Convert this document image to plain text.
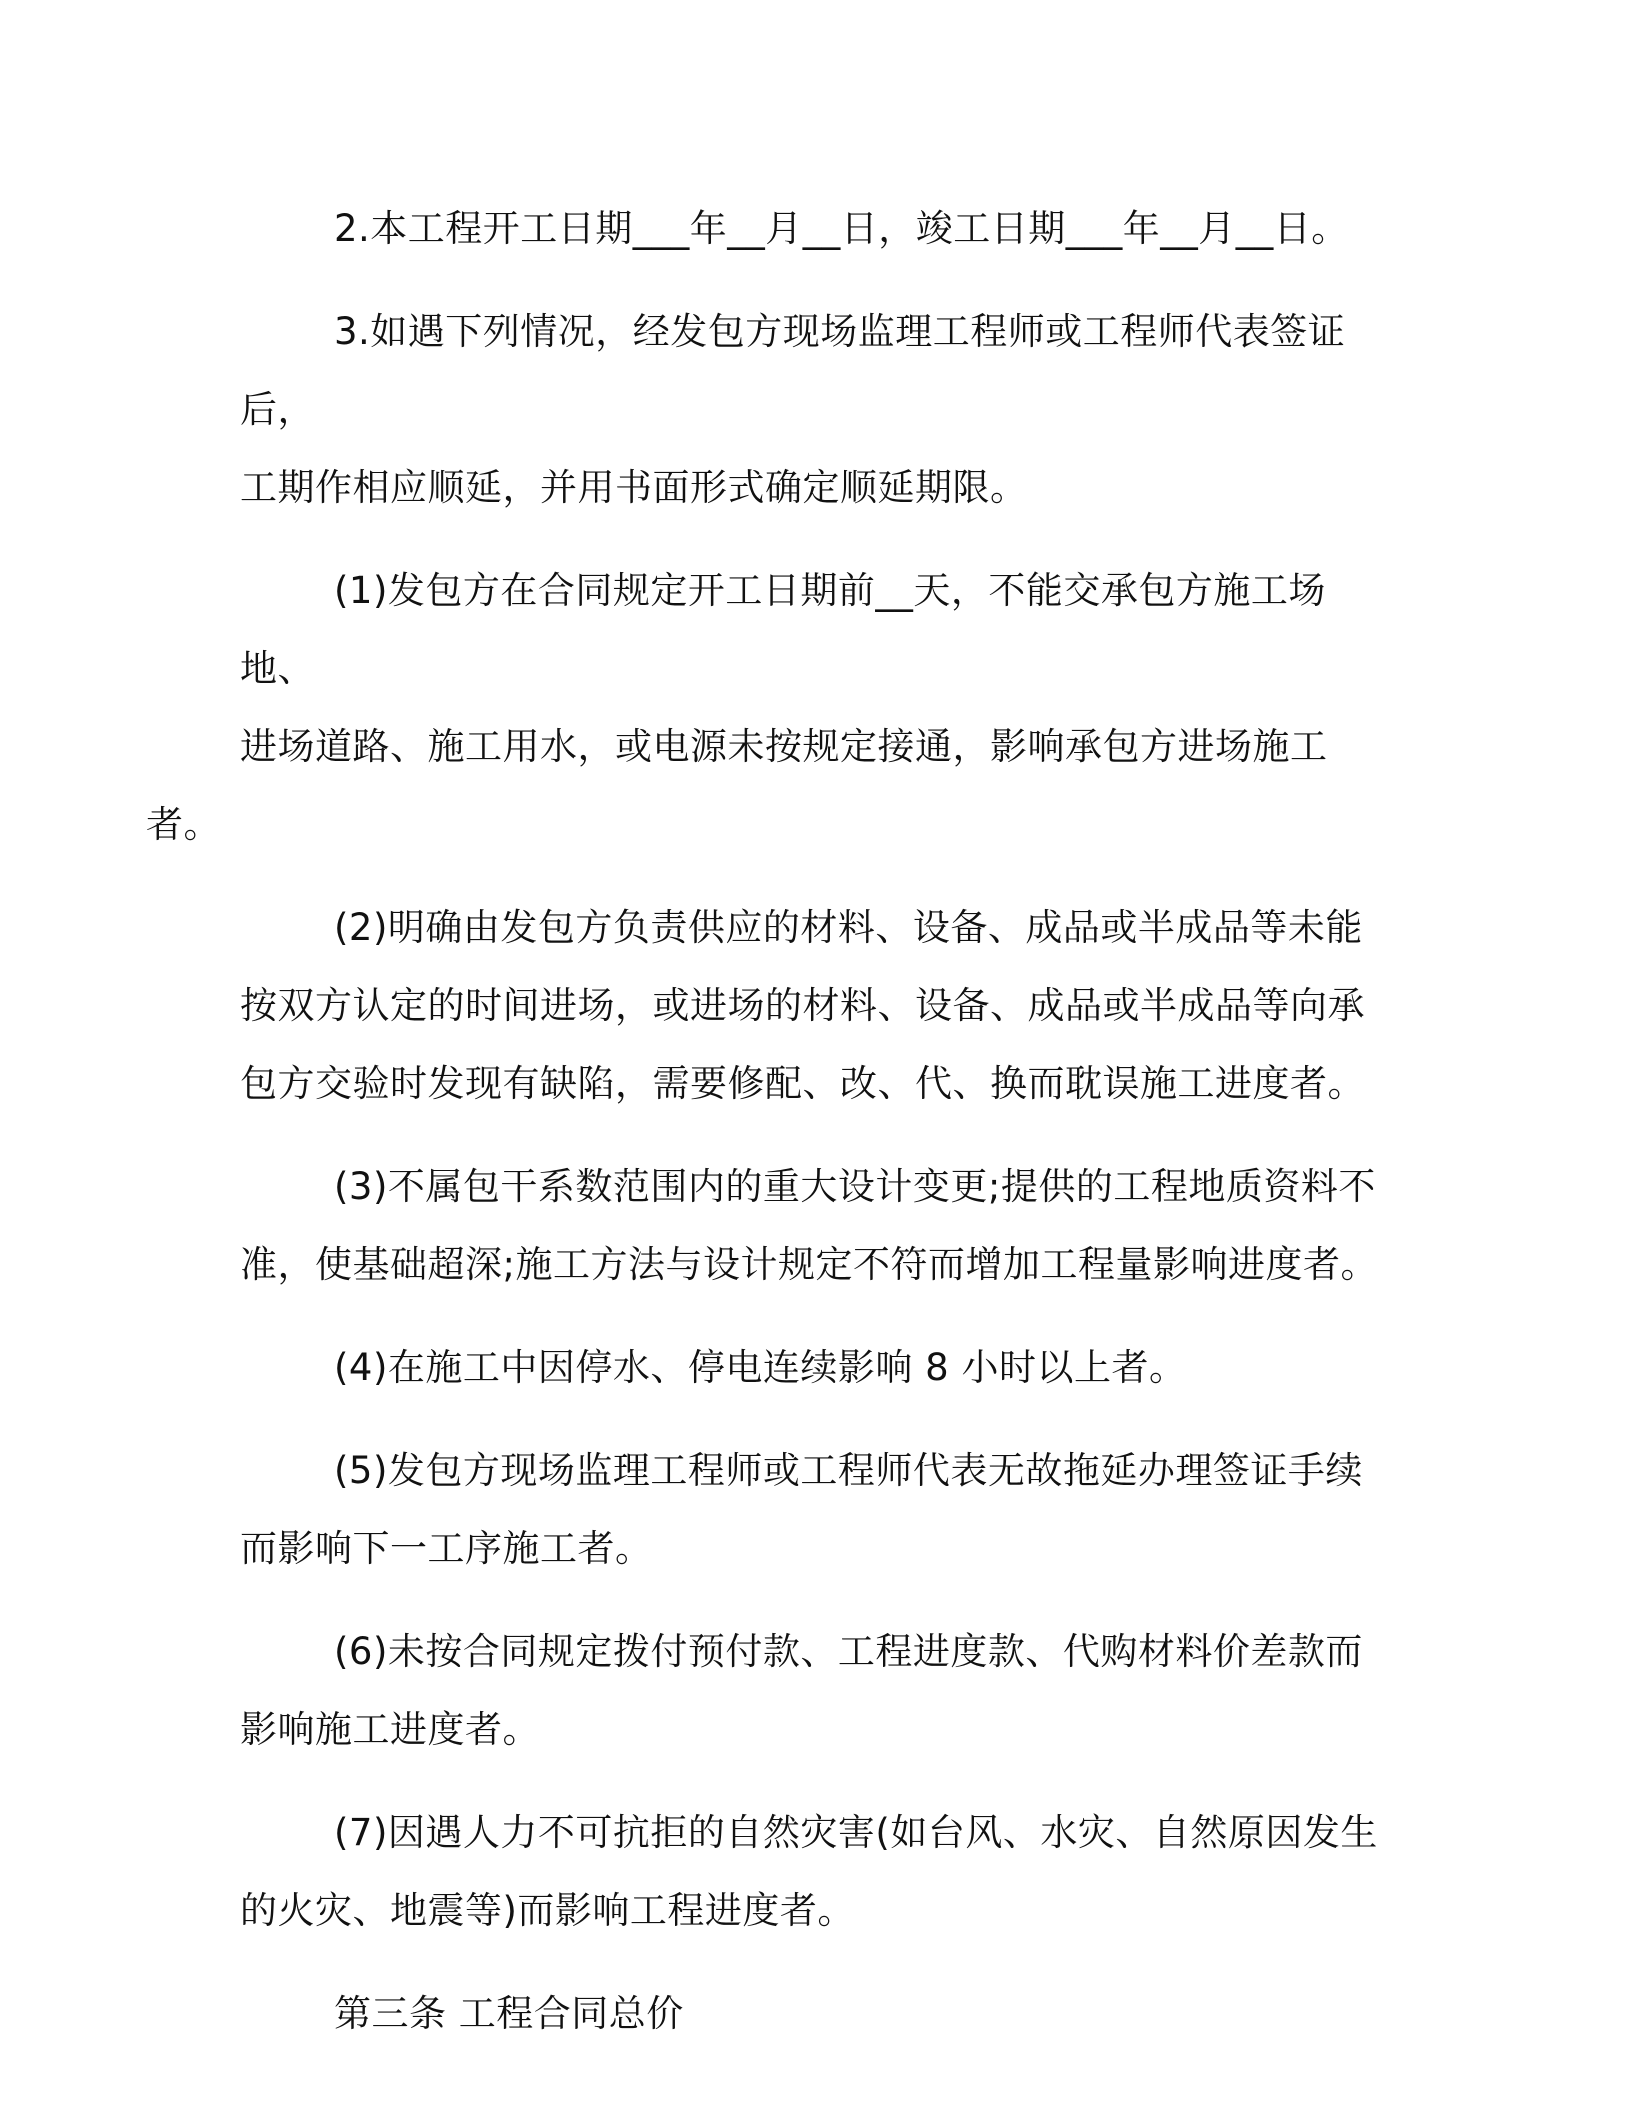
2.本工程开工日期___年__月__日，竣工日期___年__月__日。

3.如遇下列情况，经发包方现场监理工程师或工程师代表签证后，
工期作相应顺延，并用书面形式确定顺延期限。

(1)发包方在合同规定开工日期前__天，不能交承包方施工场地、
进场道路、施工用水，或电源未按规定接通，影响承包方进场施工者。

(2)明确由发包方负责供应的材料、设备、成品或半成品等未能
按双方认定的时间进场，或进场的材料、设备、成品或半成品等向承
包方交验时发现有缺陷，需要修配、改、代、换而耽误施工进度者。

(3)不属包干系数范围内的重大设计变更;提供的工程地质资料不
准，使基础超深;施工方法与设计规定不符而增加工程量影响进度者。

(4)在施工中因停水、停电连续影响 8 小时以上者。

(5)发包方现场监理工程师或工程师代表无故拖延办理签证手续
而影响下一工序施工者。

(6)未按合同规定拨付预付款、工程进度款、代购材料价差款而
影响施工进度者。

(7)因遇人力不可抗拒的自然灾害(如台风、水灾、自然原因发生
的火灾、地震等)而影响工程进度者。

第三条 工程合同总价
